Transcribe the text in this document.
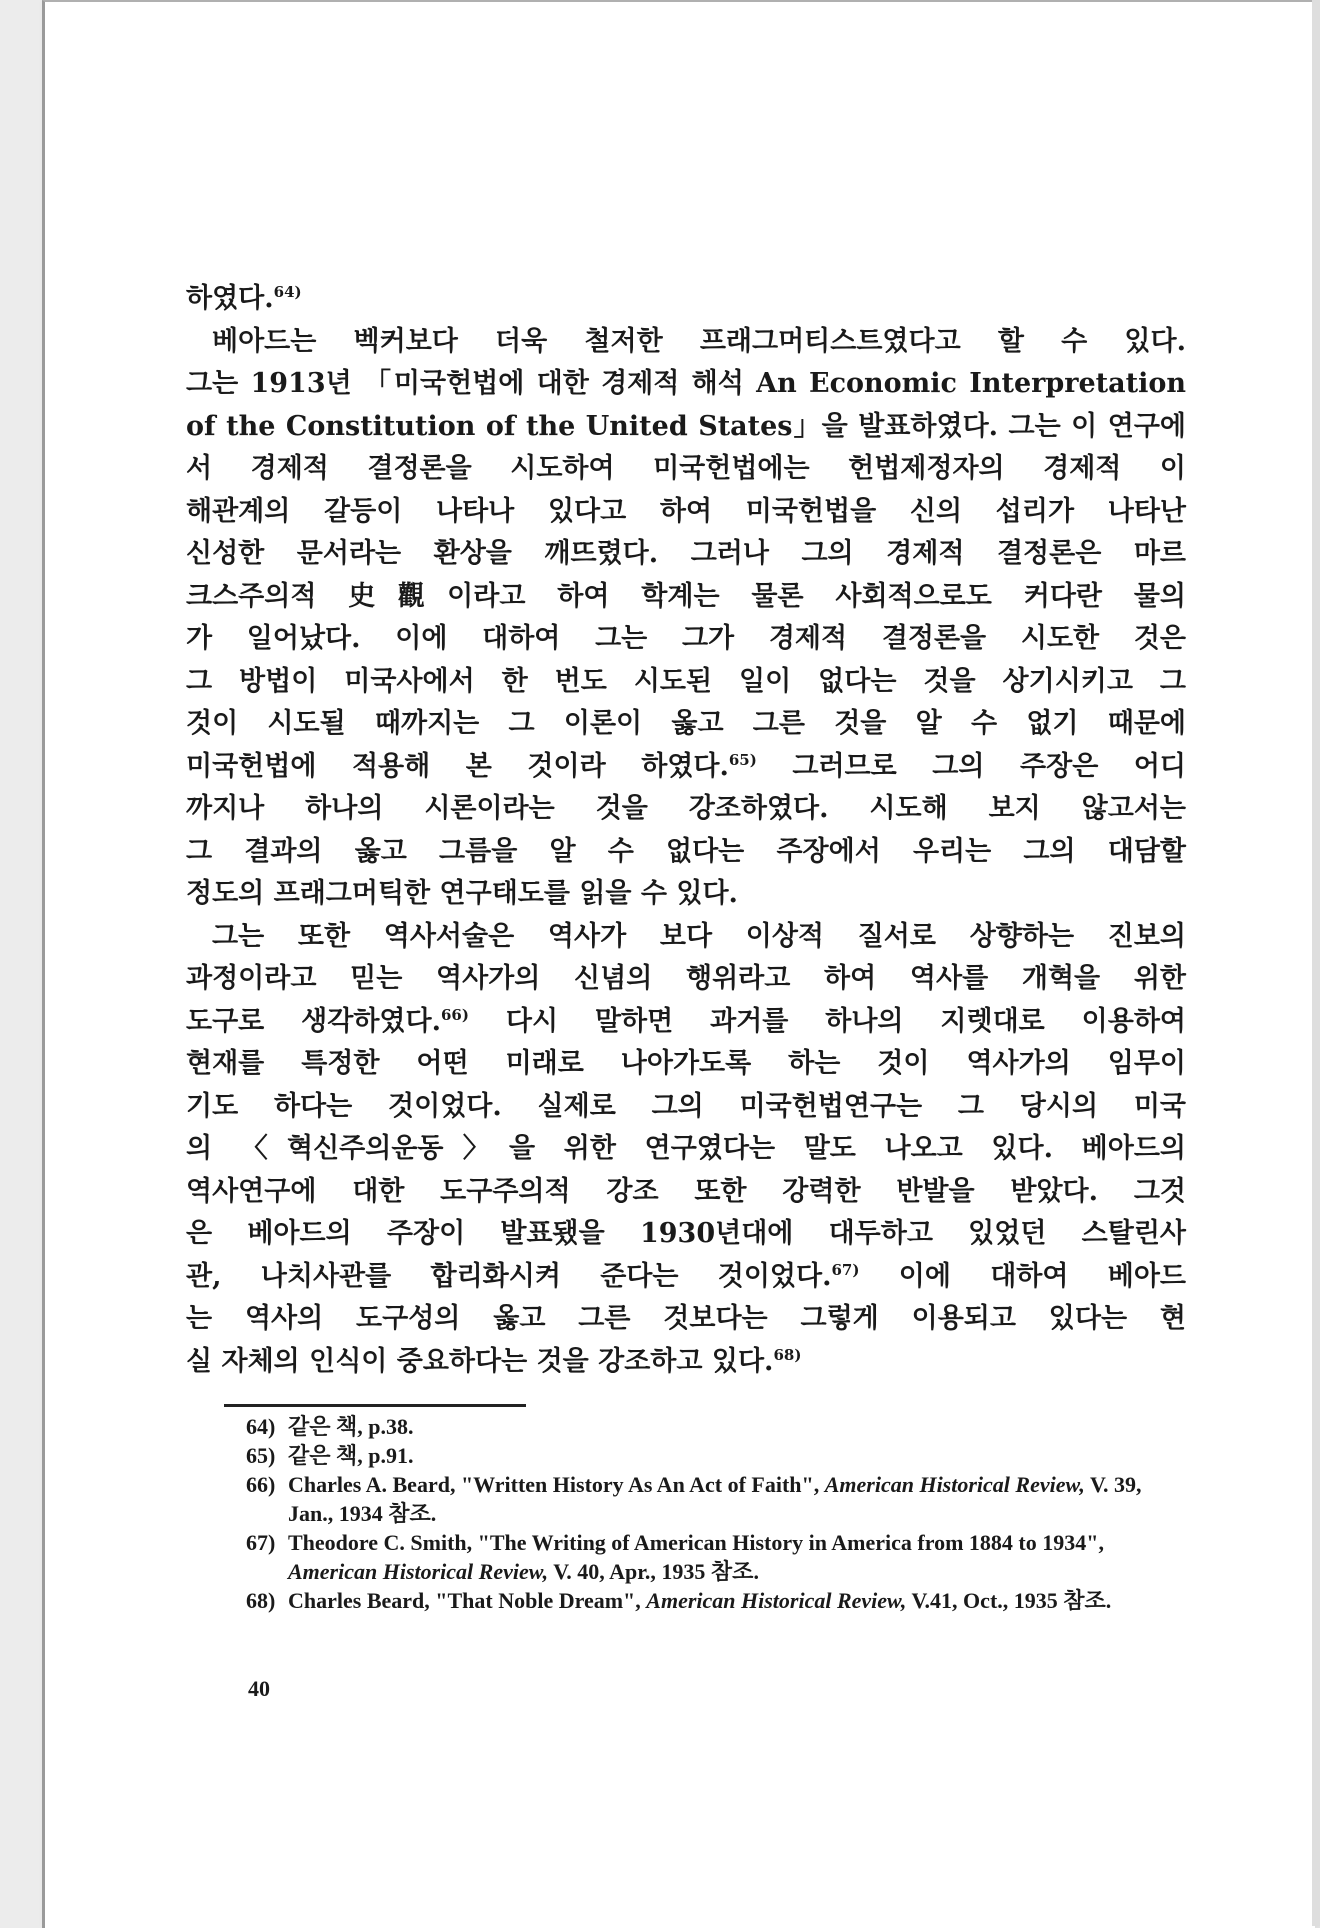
하였다.$^{64)}$
베아드는 벡커보다 더욱 철저한 프래그머티스트였다고 할 수 있다.
그는 1913년 「미국헌법에 대한 경제적 해석 An Economic Interpretation
of the Constitution of the United States」을 발표하였다. 그는 이 연구에
서 경제적 결정론을 시도하여 미국헌법에는 헌법제정자의 경제적 이
해관계의 갈등이 나타나 있다고 하여 미국헌법을 신의 섭리가 나타난
신성한 문서라는 환상을 깨뜨렸다. 그러나 그의 경제적 결정론은 마르
크스주의적 史觀이라고 하여 학계는 물론 사회적으로도 커다란 물의
가 일어났다. 이에 대하여 그는 그가 경제적 결정론을 시도한 것은
그 방법이 미국사에서 한 번도 시도된 일이 없다는 것을 상기시키고 그
것이 시도될 때까지는 그 이론이 옳고 그른 것을 알 수 없기 때문에
미국헌법에 적용해 본 것이라 하였다.$^{65)}$ 그러므로 그의 주장은 어디
까지나 하나의 시론이라는 것을 강조하였다. 시도해 보지 않고서는
그 결과의 옳고 그름을 알 수 없다는 주장에서 우리는 그의 대담할
정도의 프래그머틱한 연구태도를 읽을 수 있다.
그는 또한 역사서술은 역사가 보다 이상적 질서로 상향하는 진보의
과정이라고 믿는 역사가의 신념의 행위라고 하여 역사를 개혁을 위한
도구로 생각하였다.$^{66)}$ 다시 말하면 과거를 하나의 지렛대로 이용하여
현재를 특정한 어떤 미래로 나아가도록 하는 것이 역사가의 임무이
기도 하다는 것이었다. 실제로 그의 미국헌법연구는 그 당시의 미국
의 〈혁신주의운동〉을 위한 연구였다는 말도 나오고 있다. 베아드의
역사연구에 대한 도구주의적 강조 또한 강력한 반발을 받았다. 그것
은 베아드의 주장이 발표됐을 1930년대에 대두하고 있었던 스탈린사
관, 나치사관를 합리화시켜 준다는 것이었다.$^{67)}$ 이에 대하여 베아드
는 역사의 도구성의 옳고 그른 것보다는 그렇게 이용되고 있다는 현
실 자체의 인식이 중요하다는 것을 강조하고 있다.$^{68)}$
64) 같은 책, p.38.
65) 같은 책, p.91.
66) Charles A. Beard, "Written History As An Act of Faith", American Historical Review, V. 39, Jan., 1934 참조.
67) Theodore C. Smith, "The Writing of American History in America from 1884 to 1934", American Historical Review, V. 40, Apr., 1935 참조.
68) Charles Beard, "That Noble Dream", American Historical Review, V.41, Oct., 1935 참조.
40
